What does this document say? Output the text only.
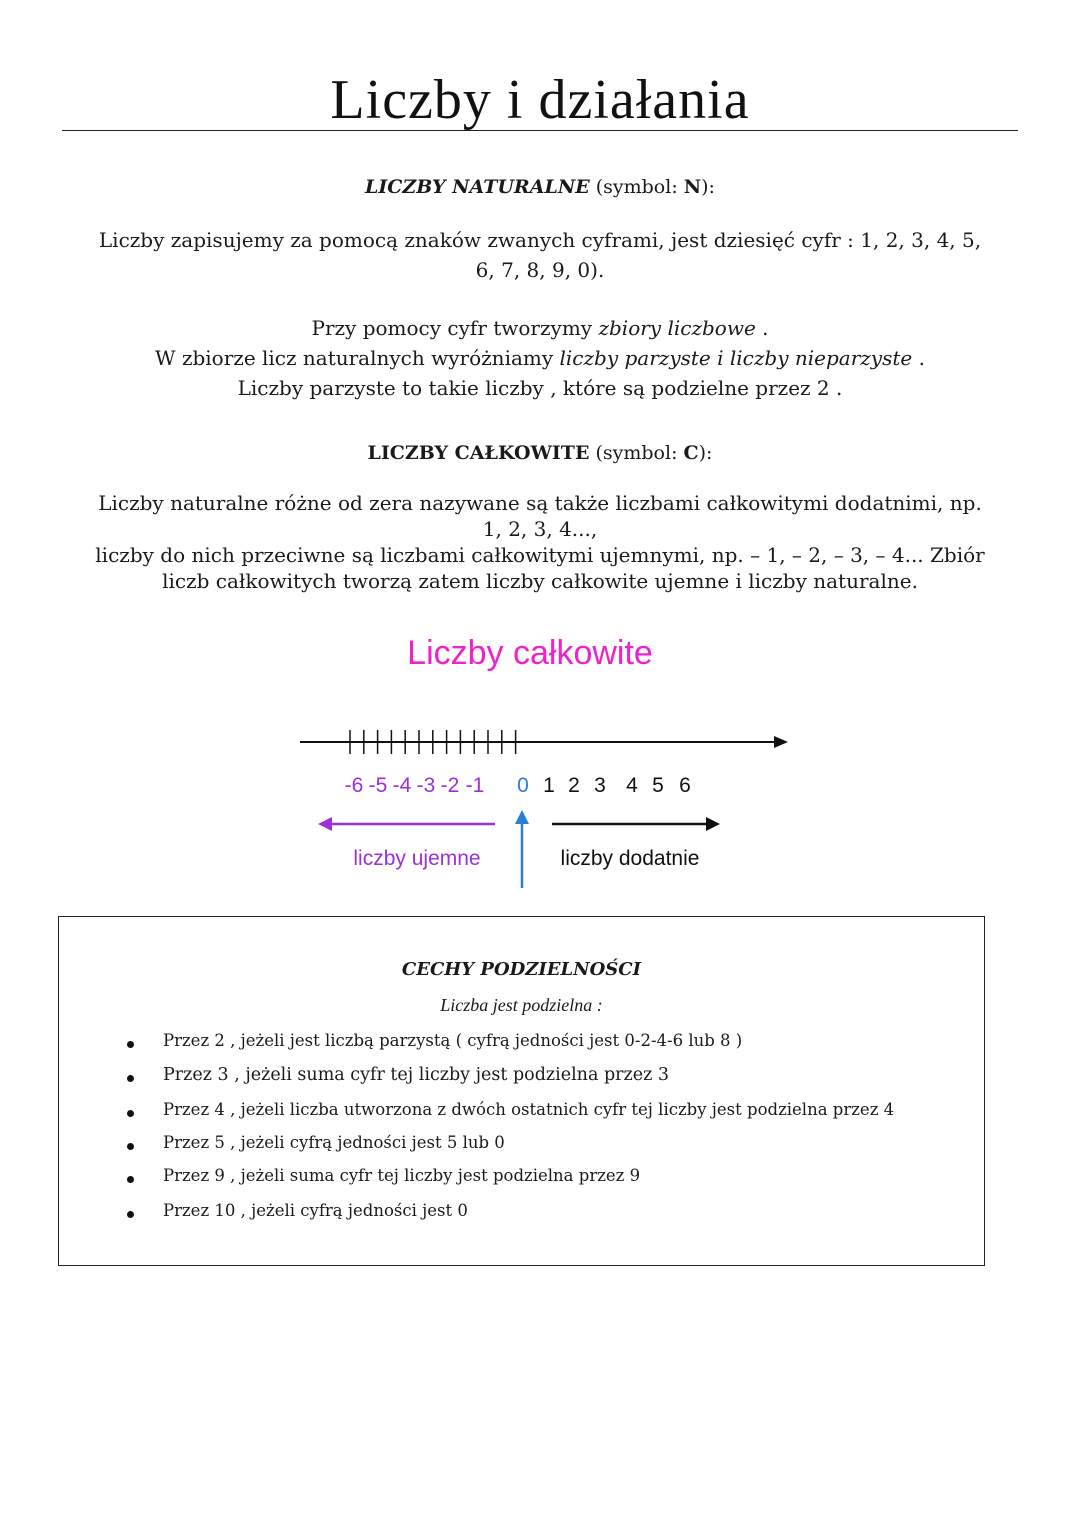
Liczby i działania
LICZBY NATURALNE (symbol: N):
Liczby zapisujemy za pomocą znaków zwanych cyframi, jest dziesięć cyfr : 1, 2, 3, 4, 5,
6, 7, 8, 9, 0).
Przy pomocy cyfr tworzymy zbiory liczbowe .
W zbiorze licz naturalnych wyróżniamy liczby parzyste i liczby nieparzyste .
Liczby parzyste to takie liczby , które są podzielne przez 2 .
LICZBY CAŁKOWITE (symbol: C):
Liczby naturalne różne od zera nazywane są także liczbami całkowitymi dodatnimi, np.
1, 2, 3, 4...,
liczby do nich przeciwne są liczbami całkowitymi ujemnymi, np. – 1, – 2, – 3, – 4... Zbiór
liczb całkowitych tworzą zatem liczby całkowite ujemne i liczby naturalne.
Liczby całkowite
-6 -5 -4 -3 -2 -1 0 1 2 3 4 5 6
liczby ujemne	liczby dodatnie
CECHY PODZIELNOŚCI
Liczba jest podzielna :
Przez 2 , jeżeli jest liczbą parzystą ( cyfrą jedności jest 0-2-4-6 lub 8 )
Przez 3 , jeżeli suma cyfr tej liczby jest podzielna przez 3
Przez 4 , jeżeli liczba utworzona z dwóch ostatnich cyfr tej liczby jest podzielna przez 4
Przez 5 , jeżeli cyfrą jedności jest 5 lub 0
Przez 9 , jeżeli suma cyfr tej liczby jest podzielna przez 9
Przez 10 , jeżeli cyfrą jedności jest 0
